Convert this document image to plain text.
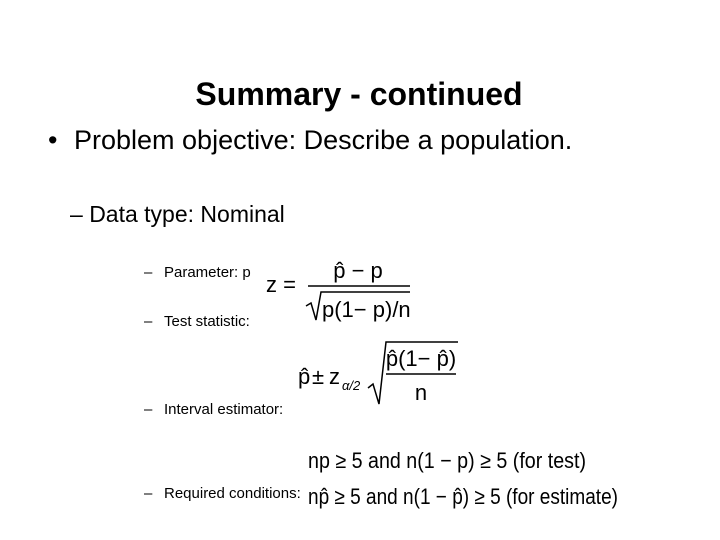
Summary - continued
• Problem objective: Describe a population.
– Data type: Nominal
– Parameter: p
– Test statistic:
– Interval estimator:
– Required conditions:
z =
p̂ − p
p(1− p)/n
p̂ ± z α/2
p̂(1− p̂)
n
np ≥ 5 and n(1 − p) ≥ 5 (for test)
np̂ ≥ 5 and n(1 − p̂) ≥ 5 (for estimate)
